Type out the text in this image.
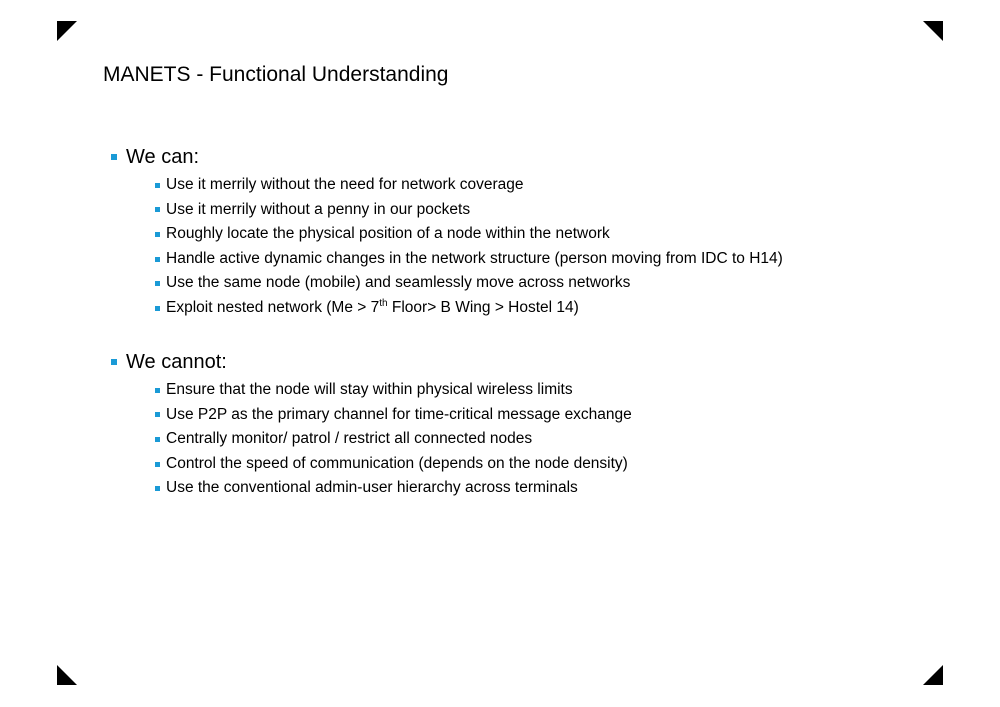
MANETS - Functional Understanding
We can:
Use it merrily without the need for network coverage
Use it merrily without a penny in our pockets
Roughly locate the physical position of a node within the network
Handle active dynamic changes in the network structure (person moving from IDC to H14)
Use the same node (mobile) and seamlessly move across networks
Exploit nested network (Me > 7th Floor> B Wing > Hostel 14)
We cannot:
Ensure that the node will stay within physical wireless limits
Use P2P as the primary channel for time-critical message exchange
Centrally monitor/ patrol / restrict all connected nodes
Control the speed of communication (depends on the node density)
Use the conventional admin-user hierarchy across terminals
